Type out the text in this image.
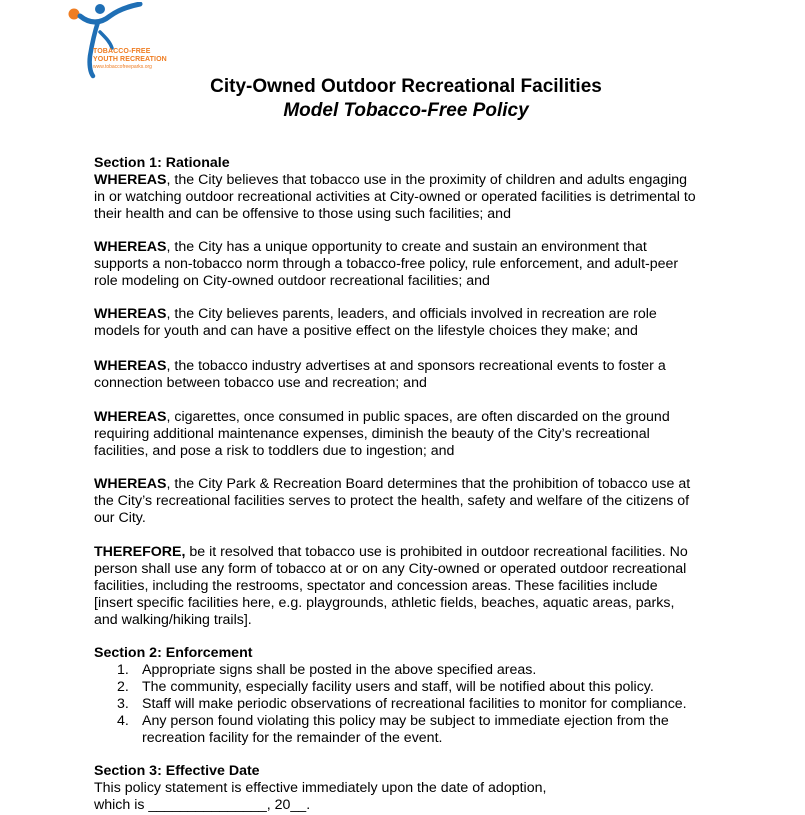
TOBACCO-FREE
YOUTH RECREATION
www.tobaccofreeparks.org
City-Owned Outdoor Recreational Facilities
Model Tobacco-Free Policy
Section 1: Rationale
WHEREAS, the City believes that tobacco use in the proximity of children and adults engaging
in or watching outdoor recreational activities at City-owned or operated facilities is detrimental to
their health and can be offensive to those using such facilities; and
WHEREAS, the City has a unique opportunity to create and sustain an environment that
supports a non-tobacco norm through a tobacco-free policy, rule enforcement, and adult-peer
role modeling on City-owned outdoor recreational facilities; and
WHEREAS, the City believes parents, leaders, and officials involved in recreation are role
models for youth and can have a positive effect on the lifestyle choices they make; and
WHEREAS, the tobacco industry advertises at and sponsors recreational events to foster a
connection between tobacco use and recreation; and
WHEREAS, cigarettes, once consumed in public spaces, are often discarded on the ground
requiring additional maintenance expenses, diminish the beauty of the City’s recreational
facilities, and pose a risk to toddlers due to ingestion; and
WHEREAS, the City Park & Recreation Board determines that the prohibition of tobacco use at
the City’s recreational facilities serves to protect the health, safety and welfare of the citizens of
our City.
THEREFORE, be it resolved that tobacco use is prohibited in outdoor recreational facilities. No
person shall use any form of tobacco at or on any City-owned or operated outdoor recreational
facilities, including the restrooms, spectator and concession areas. These facilities include
[insert specific facilities here, e.g. playgrounds, athletic fields, beaches, aquatic areas, parks,
and walking/hiking trails].
Section 2: Enforcement
1. Appropriate signs shall be posted in the above specified areas.
2. The community, especially facility users and staff, will be notified about this policy.
3. Staff will make periodic observations of recreational facilities to monitor for compliance.
4. Any person found violating this policy may be subject to immediate ejection from the
recreation facility for the remainder of the event.
Section 3: Effective Date
This policy statement is effective immediately upon the date of adoption,
which is _______________, 20__.
